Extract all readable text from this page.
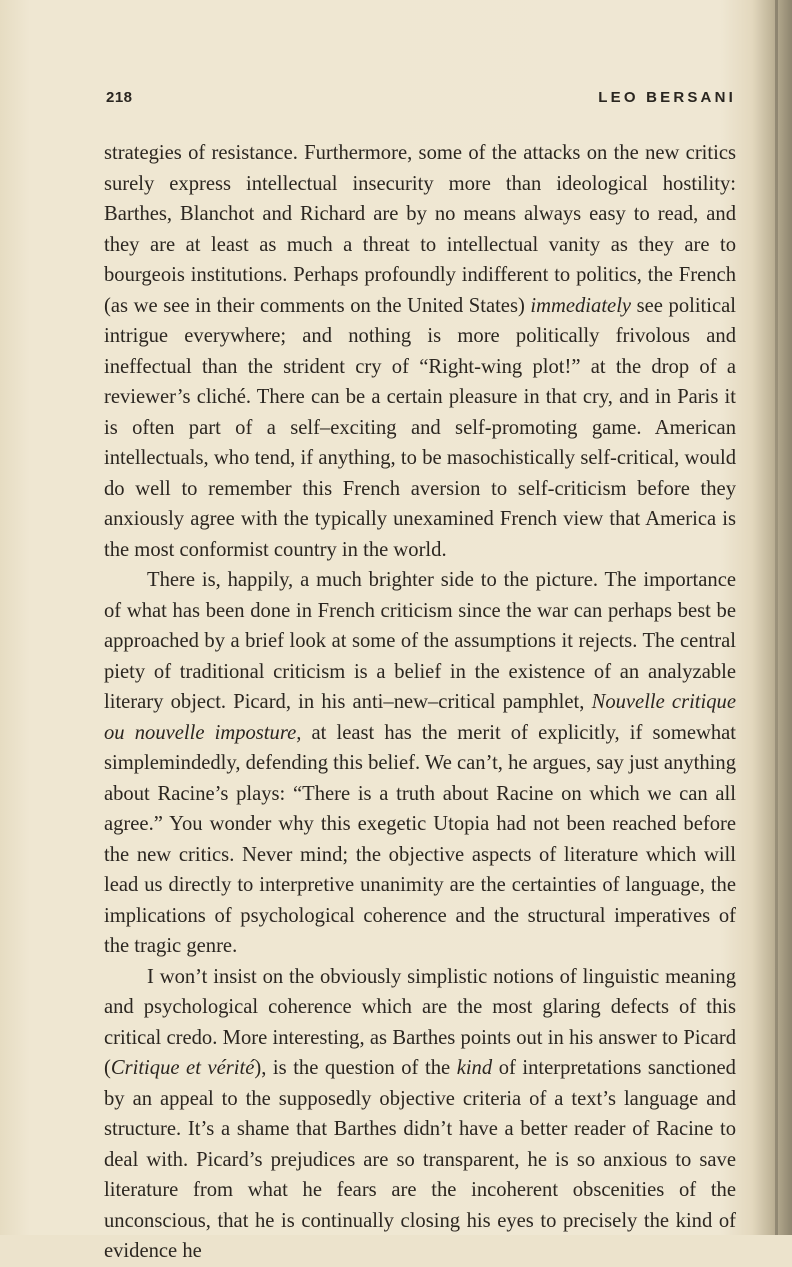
218	LEO BERSANI

strategies of resistance. Furthermore, some of the attacks on the new critics surely express intellectual insecurity more than ideological hostility: Barthes, Blanchot and Richard are by no means always easy to read, and they are at least as much a threat to intellectual vanity as they are to bourgeois institutions. Perhaps profoundly indifferent to politics, the French (as we see in their comments on the United States) immediately see political intrigue everywhere; and nothing is more politically frivolous and ineffectual than the strident cry of “Right-wing plot!” at the drop of a reviewer’s cliché. There can be a certain pleasure in that cry, and in Paris it is often part of a self–exciting and self-promoting game. American intellectuals, who tend, if anything, to be masochistically self-critical, would do well to remember this French aversion to self-criticism before they anxiously agree with the typically unexamined French view that America is the most conformist country in the world.

There is, happily, a much brighter side to the picture. The importance of what has been done in French criticism since the war can perhaps best be approached by a brief look at some of the assumptions it rejects. The central piety of traditional criticism is a belief in the existence of an analyzable literary object. Picard, in his anti–new–critical pamphlet, Nouvelle critique ou nouvelle imposture, at least has the merit of explicitly, if somewhat simplemindedly, defending this belief. We can’t, he argues, say just anything about Racine’s plays: “There is a truth about Racine on which we can all agree.” You wonder why this exegetic Utopia had not been reached before the new critics. Never mind; the objective aspects of literature which will lead us directly to interpretive unanimity are the certainties of language, the implications of psychological coherence and the structural imperatives of the tragic genre.

I won’t insist on the obviously simplistic notions of linguistic meaning and psychological coherence which are the most glaring defects of this critical credo. More interesting, as Barthes points out in his answer to Picard (Critique et vérité), is the question of the kind of interpretations sanctioned by an appeal to the supposedly objective criteria of a text’s language and structure. It’s a shame that Barthes didn’t have a better reader of Racine to deal with. Picard’s prejudices are so transparent, he is so anxious to save literature from what he fears are the incoherent obscenities of the unconscious, that he is continually closing his eyes to precisely the kind of evidence he
